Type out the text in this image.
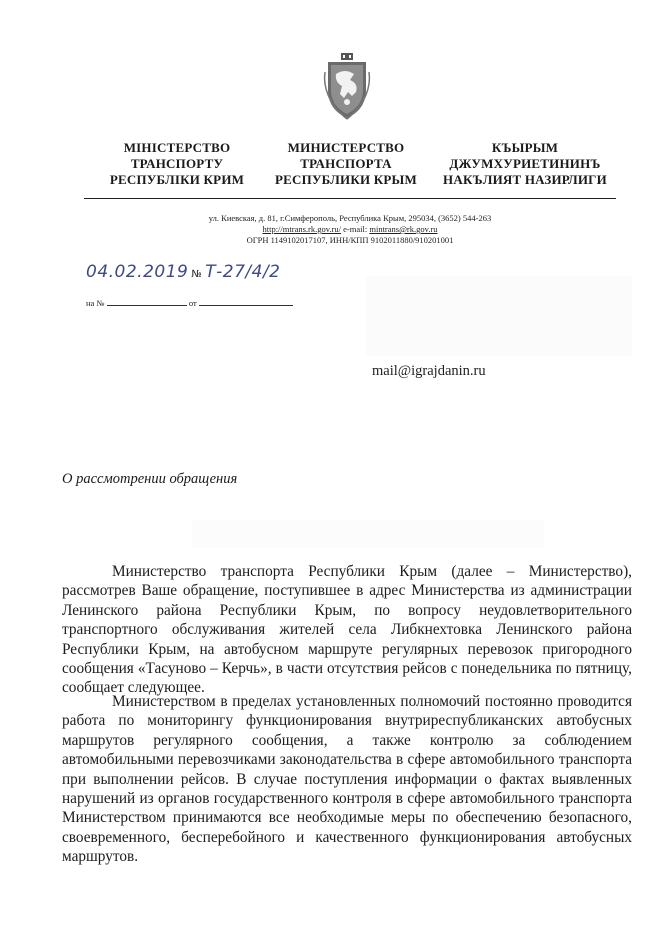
МІНІСТЕРСТВО
ТРАНСПОРТУ
РЕСПУБЛІКИ КРИМ
МИНИСТЕРСТВО
ТРАНСПОРТА
РЕСПУБЛИКИ КРЫМ
КЪЫРЫМ
ДЖУМХУРИЕТИНИНЪ
НАКЪЛИЯТ НАЗИРЛИГИ
ул. Киевская, д. 81, г.Симферополь, Республика Крым, 295034, (3652) 544-263
http://mtrans.rk.gov.ru/ e-mail: mintrans@rk.gov.ru
ОГРН 1149102017107, ИНН/КПП 9102011880/910201001
04.02.2019 № Т-27/4/2
на №	от
mail@igrajdanin.ru
О рассмотрении обращения
Министерство транспорта Республики Крым (далее – Министерство), рассмотрев Ваше обращение, поступившее в адрес Министерства из администрации Ленинского района Республики Крым, по вопросу неудовлетворительного транспортного обслуживания жителей села Либкнехтовка Ленинского района Республики Крым, на автобусном маршруте регулярных перевозок пригородного сообщения «Тасуново – Керчь», в части отсутствия рейсов с понедельника по пятницу, сообщает следующее.
Министерством в пределах установленных полномочий постоянно проводится работа по мониторингу функционирования внутриреспубликанских автобусных маршрутов регулярного сообщения, а также контролю за соблюдением автомобильными перевозчиками законодательства в сфере автомобильного транспорта при выполнении рейсов. В случае поступления информации о фактах выявленных нарушений из органов государственного контроля в сфере автомобильного транспорта Министерством принимаются все необходимые меры по обеспечению безопасного, своевременного, бесперебойного и качественного функционирования автобусных маршрутов.
